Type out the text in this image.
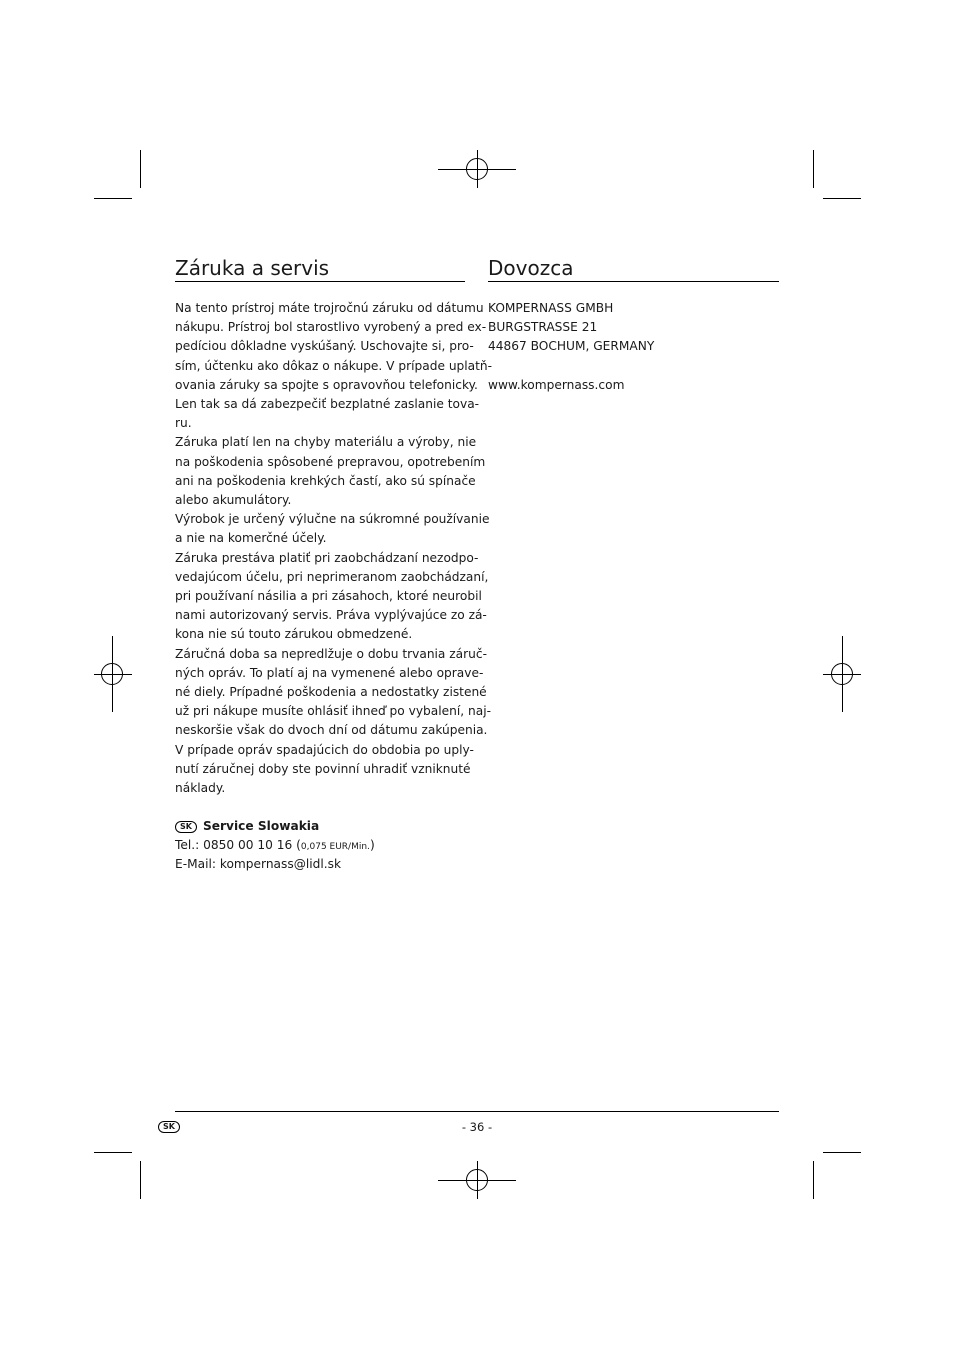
Záruka a servis
Na tento prístroj máte trojročnú záruku od dátumu
nákupu. Prístroj bol starostlivo vyrobený a pred ex-
pedíciou dôkladne vyskúšaný. Uschovajte si, pro-
sím, účtenku ako dôkaz o nákupe. V prípade uplatň-
ovania záruky sa spojte s opravovňou telefonicky.
Len tak sa dá zabezpečiť bezplatné zaslanie tova-
ru.
Záruka platí len na chyby materiálu a výroby, nie
na poškodenia spôsobené prepravou, opotrebením
ani na poškodenia krehkých častí, ako sú spínače
alebo akumulátory.
Výrobok je určený výlučne na súkromné používanie
a nie na komerčné účely.
Záruka prestáva platiť pri zaobchádzaní nezodpo-
vedajúcom účelu, pri neprimeranom zaobchádzaní,
pri používaní násilia a pri zásahoch, ktoré neurobil
nami autorizovaný servis. Práva vyplývajúce zo zá-
kona nie sú touto zárukou obmedzené.
Záručná doba sa nepredlžuje o dobu trvania záruč-
ných opráv. To platí aj na vymenené alebo oprave-
né diely. Prípadné poškodenia a nedostatky zistené
už pri nákupe musíte ohlásiť ihneď po vybalení, naj-
neskoršie však do dvoch dní od dátumu zakúpenia.
V prípade opráv spadajúcich do obdobia po uply-
nutí záručnej doby ste povinní uhradiť vzniknuté
náklady.
SK Service Slowakia
Tel.: 0850 00 10 16 (0,075 EUR/Min.)
E-Mail: kompernass@lidl.sk
Dovozca
KOMPERNASS GMBH
BURGSTRASSE 21
44867 BOCHUM, GERMANY
www.kompernass.com
SK	- 36 -
